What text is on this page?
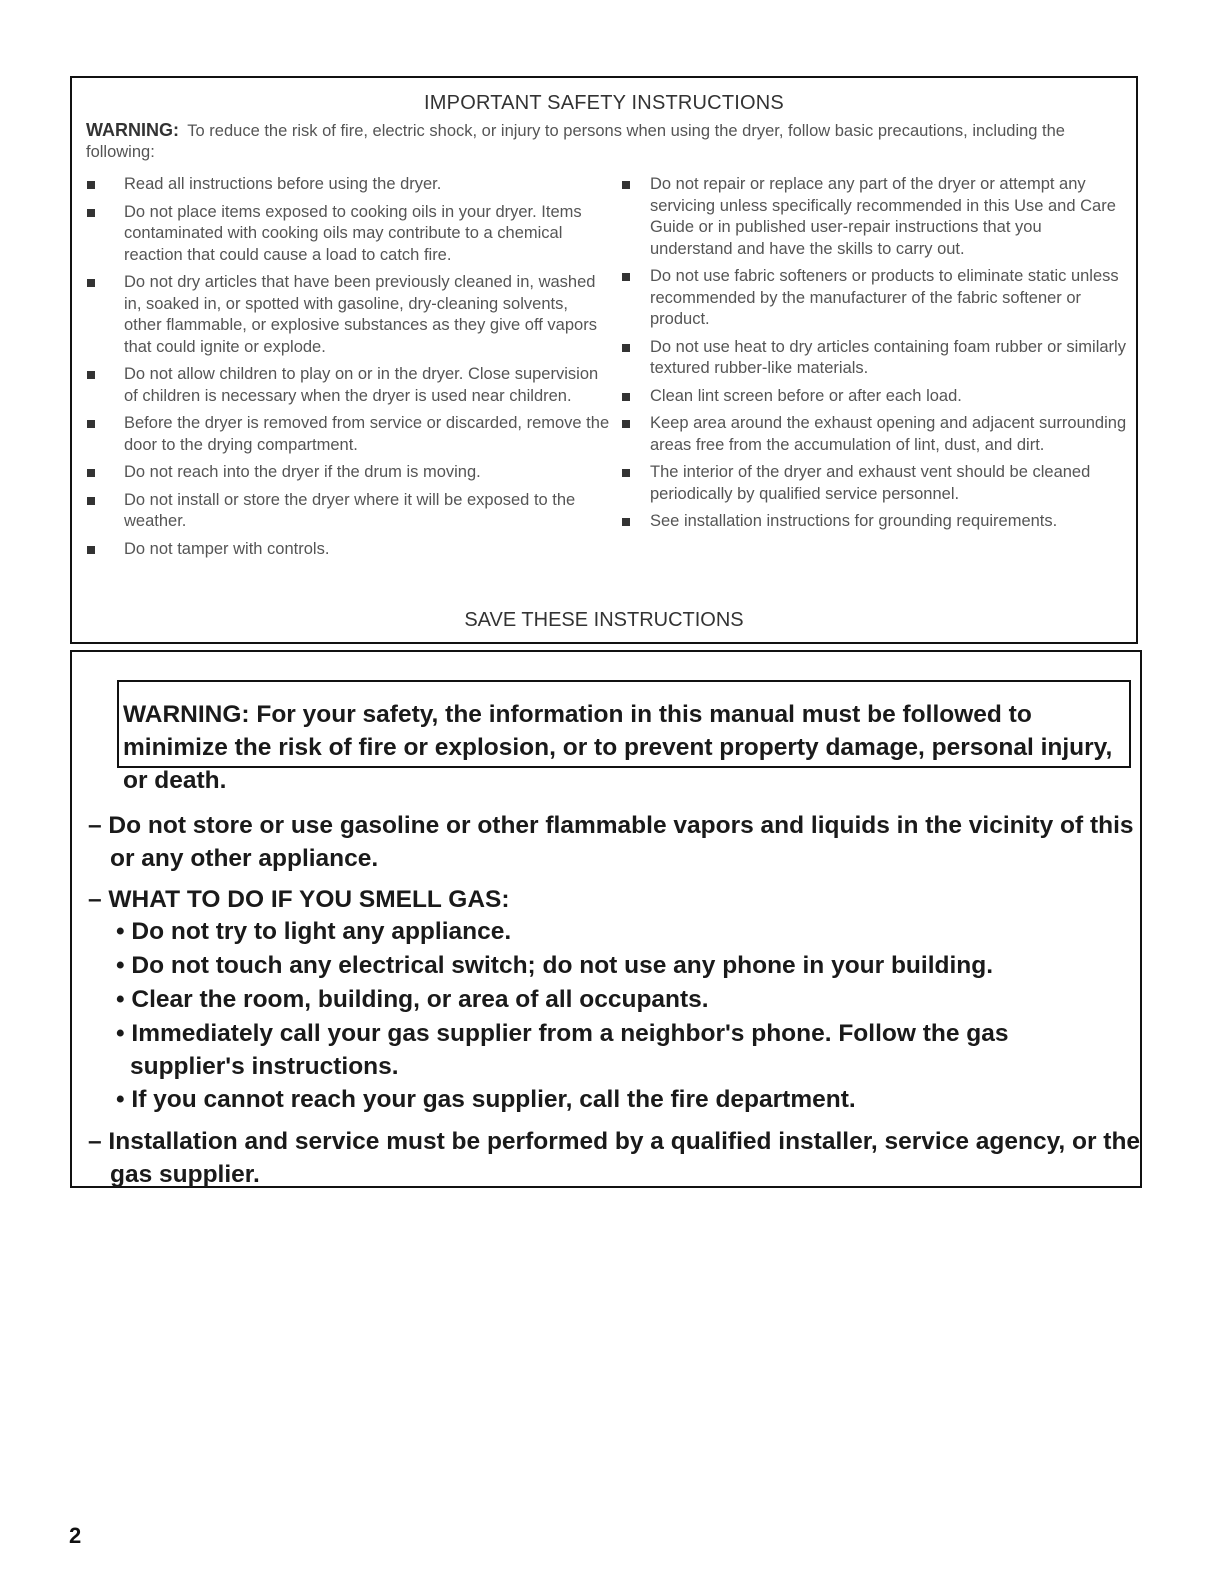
IMPORTANT SAFETY INSTRUCTIONS
WARNING: To reduce the risk of fire, electric shock, or injury to persons when using the dryer, follow basic precautions, including the following:
Read all instructions before using the dryer.
Do not place items exposed to cooking oils in your dryer. Items contaminated with cooking oils may contribute to a chemical reaction that could cause a load to catch fire.
Do not dry articles that have been previously cleaned in, washed in, soaked in, or spotted with gasoline, dry-cleaning solvents, other flammable, or explosive substances as they give off vapors that could ignite or explode.
Do not allow children to play on or in the dryer. Close supervision of children is necessary when the dryer is used near children.
Before the dryer is removed from service or discarded, remove the door to the drying compartment.
Do not reach into the dryer if the drum is moving.
Do not install or store the dryer where it will be exposed to the weather.
Do not tamper with controls.
Do not repair or replace any part of the dryer or attempt any servicing unless specifically recommended in this Use and Care Guide or in published user-repair instructions that you understand and have the skills to carry out.
Do not use fabric softeners or products to eliminate static unless recommended by the manufacturer of the fabric softener or product.
Do not use heat to dry articles containing foam rubber or similarly textured rubber-like materials.
Clean lint screen before or after each load.
Keep area around the exhaust opening and adjacent surrounding areas free from the accumulation of lint, dust, and dirt.
The interior of the dryer and exhaust vent should be cleaned periodically by qualified service personnel.
See installation instructions for grounding requirements.
SAVE THESE INSTRUCTIONS
WARNING: For your safety, the information in this manual must be followed to minimize the risk of fire or explosion, or to prevent property damage, personal injury, or death.
– Do not store or use gasoline or other flammable vapors and liquids in the vicinity of this or any other appliance.
– WHAT TO DO IF YOU SMELL GAS:
• Do not try to light any appliance.
• Do not touch any electrical switch; do not use any phone in your building.
• Clear the room, building, or area of all occupants.
• Immediately call your gas supplier from a neighbor's phone. Follow the gas supplier's instructions.
• If you cannot reach your gas supplier, call the fire department.
– Installation and service must be performed by a qualified installer, service agency, or the gas supplier.
2
